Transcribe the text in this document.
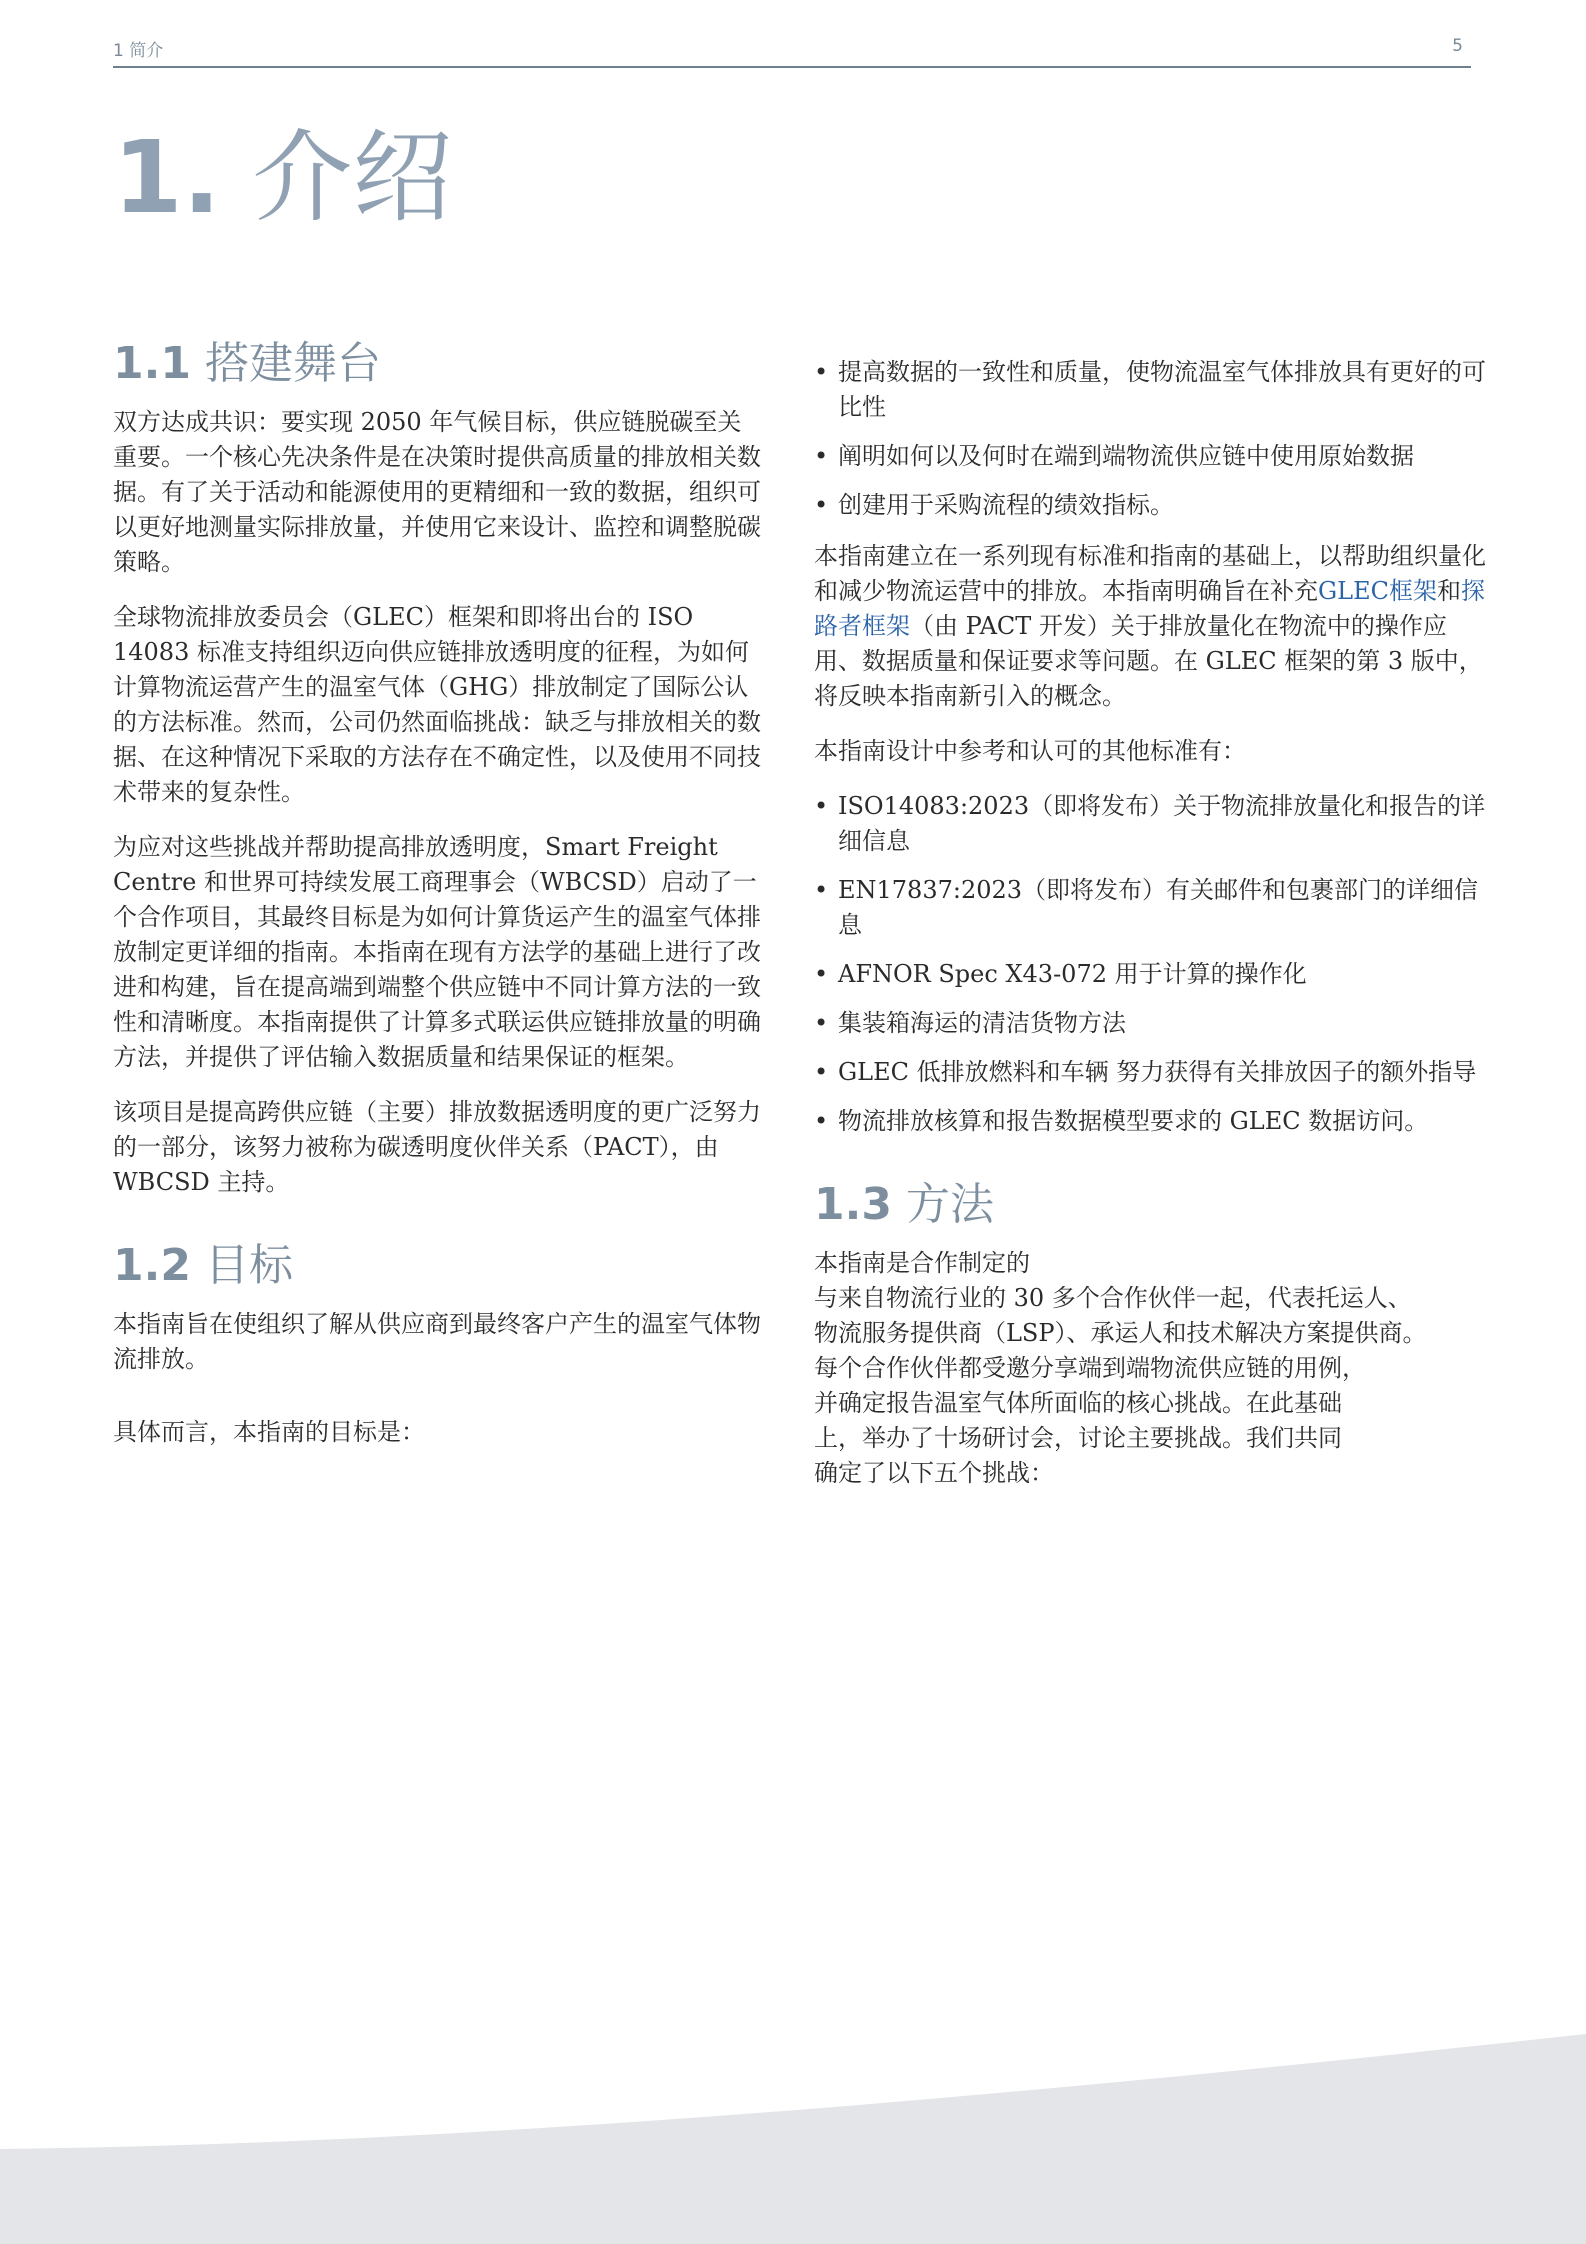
1 简介	5
1. 介绍
1.1 搭建舞台

双方达成共识：要实现 2050 年气候目标，供应链脱碳至关重要。一个核心先决条件是在决策时提供高质量的排放相关数据。有了关于活动和能源使用的更精细和一致的数据，组织可以更好地测量实际排放量，并使用它来设计、监控和调整脱碳策略。

全球物流排放委员会（GLEC）框架和即将出台的 ISO 14083 标准支持组织迈向供应链排放透明度的征程，为如何计算物流运营产生的温室气体（GHG）排放制定了国际公认的方法标准。然而，公司仍然面临挑战：缺乏与排放相关的数据、在这种情况下采取的方法存在不确定性，以及使用不同技术带来的复杂性。

为应对这些挑战并帮助提高排放透明度，Smart Freight Centre 和世界可持续发展工商理事会（WBCSD）启动了一个合作项目，其最终目标是为如何计算货运产生的温室气体排放制定更详细的指南。本指南在现有方法学的基础上进行了改进和构建，旨在提高端到端整个供应链中不同计算方法的一致性和清晰度。本指南提供了计算多式联运供应链排放量的明确方法，并提供了评估输入数据质量和结果保证的框架。

该项目是提高跨供应链（主要）排放数据透明度的更广泛努力的一部分，该努力被称为碳透明度伙伴关系（PACT），由 WBCSD 主持。

1.2 目标

本指南旨在使组织了解从供应商到最终客户产生的温室气体物流排放。

具体而言，本指南的目标是：

• 提高数据的一致性和质量，使物流温室气体排放具有更好的可比性
• 阐明如何以及何时在端到端物流供应链中使用原始数据
• 创建用于采购流程的绩效指标。

本指南建立在一系列现有标准和指南的基础上，以帮助组织量化和减少物流运营中的排放。本指南明确旨在补充GLEC框架和探路者框架（由 PACT 开发）关于排放量化在物流中的操作应用、数据质量和保证要求等问题。在 GLEC 框架的第 3 版中，将反映本指南新引入的概念。

本指南设计中参考和认可的其他标准有：

• ISO14083:2023（即将发布）关于物流排放量化和报告的详细信息
• EN17837:2023（即将发布）有关邮件和包裹部门的详细信息
• AFNOR Spec X43-072 用于计算的操作化
• 集装箱海运的清洁货物方法
• GLEC 低排放燃料和车辆 努力获得有关排放因子的额外指导
• 物流排放核算和报告数据模型要求的 GLEC 数据访问。
1.3 方法

本指南是合作制定的

与来自物流行业的 30 多个合作伙伴一起，代表托运人、

物流服务提供商（LSP）、承运人和技术解决方案提供商。

每个合作伙伴都受邀分享端到端物流供应链的用例，

并确定报告温室气体所面临的核心挑战。在此基础

上，举办了十场研讨会，讨论主要挑战。我们共同

确定了以下五个挑战：
